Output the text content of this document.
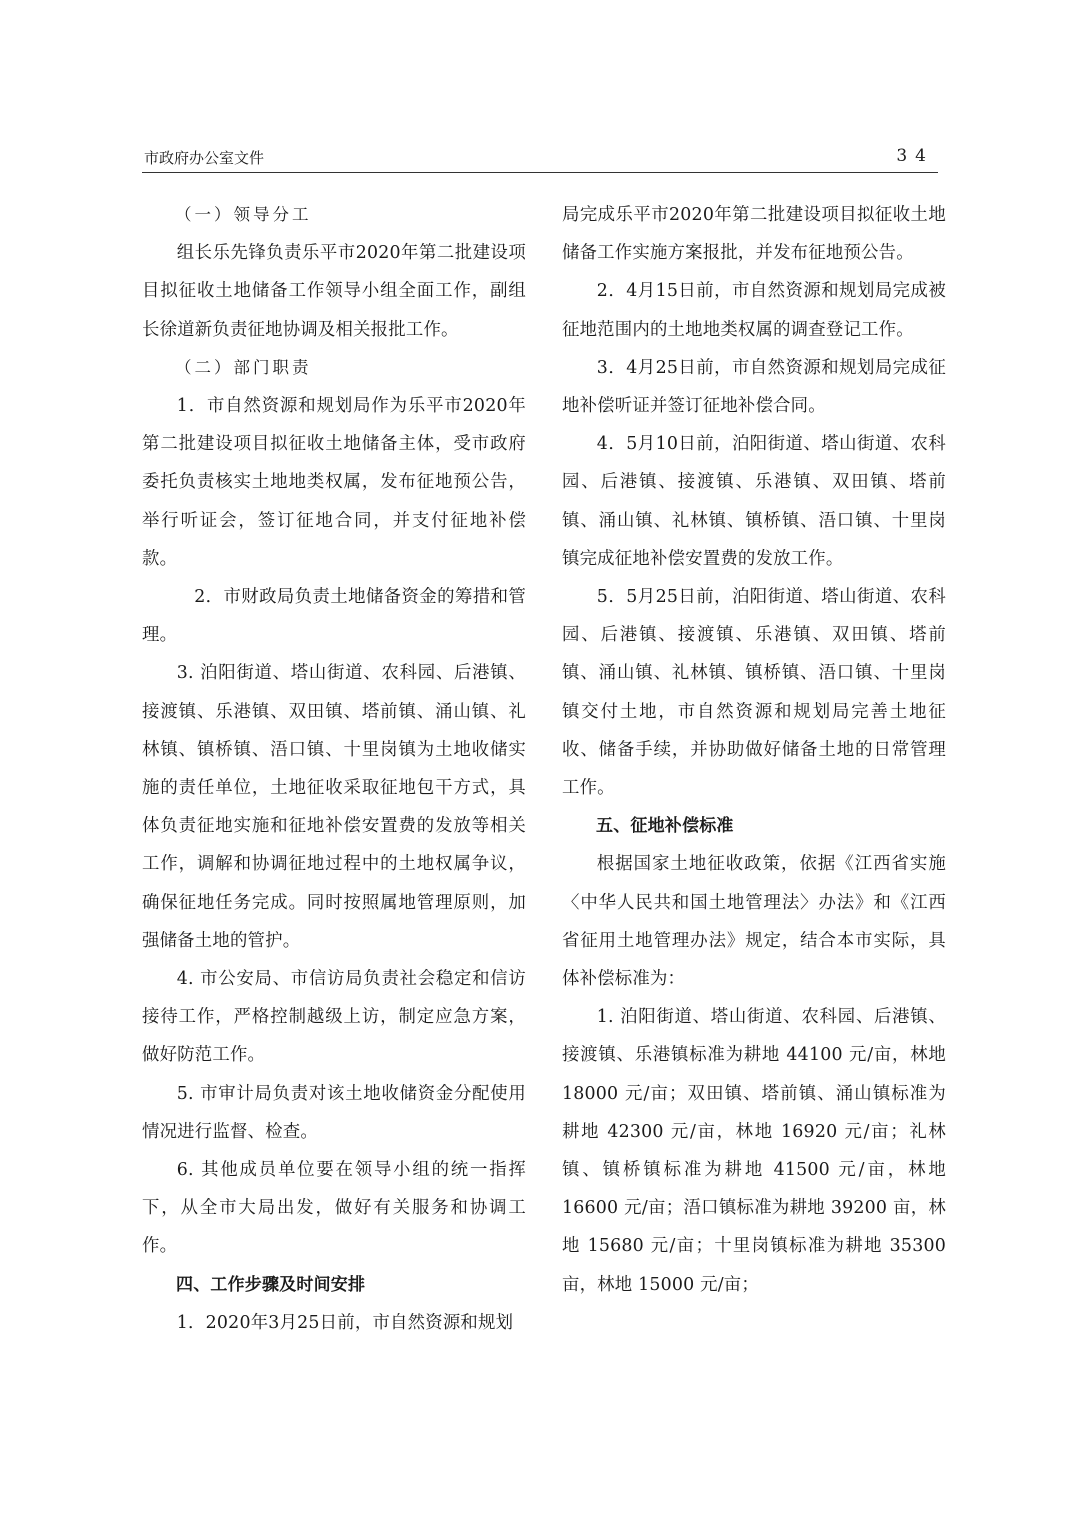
市政府办公室文件	34

（一）领导分工

组长乐先锋负责乐平市2020年第二批建设项目拟征收土地储备工作领导小组全面工作，副组长徐道新负责征地协调及相关报批工作。

（二）部门职责

1．市自然资源和规划局作为乐平市2020年第二批建设项目拟征收土地储备主体，受市政府委托负责核实土地地类权属，发布征地预公告，举行听证会，签订征地合同，并支付征地补偿款。

2．市财政局负责土地储备资金的筹措和管理。

3. 泊阳街道、塔山街道、农科园、后港镇、接渡镇、乐港镇、双田镇、塔前镇、涌山镇、礼林镇、镇桥镇、浯口镇、十里岗镇为土地收储实施的责任单位，土地征收采取征地包干方式，具体负责征地实施和征地补偿安置费的发放等相关工作，调解和协调征地过程中的土地权属争议，确保征地任务完成。同时按照属地管理原则，加强储备土地的管护。

4. 市公安局、市信访局负责社会稳定和信访接待工作，严格控制越级上访，制定应急方案，做好防范工作。

5. 市审计局负责对该土地收储资金分配使用情况进行监督、检查。

6. 其他成员单位要在领导小组的统一指挥下，从全市大局出发，做好有关服务和协调工作。

四、工作步骤及时间安排

1．2020年3月25日前，市自然资源和规划

局完成乐平市2020年第二批建设项目拟征收土地储备工作实施方案报批，并发布征地预公告。

2．4月15日前，市自然资源和规划局完成被征地范围内的土地地类权属的调查登记工作。

3．4月25日前，市自然资源和规划局完成征地补偿听证并签订征地补偿合同。

4．5月10日前，泊阳街道、塔山街道、农科园、后港镇、接渡镇、乐港镇、双田镇、塔前镇、涌山镇、礼林镇、镇桥镇、浯口镇、十里岗镇完成征地补偿安置费的发放工作。

5．5月25日前，泊阳街道、塔山街道、农科园、后港镇、接渡镇、乐港镇、双田镇、塔前镇、涌山镇、礼林镇、镇桥镇、浯口镇、十里岗镇交付土地，市自然资源和规划局完善土地征收、储备手续，并协助做好储备土地的日常管理工作。

五、征地补偿标准

根据国家土地征收政策，依据《江西省实施〈中华人民共和国土地管理法〉办法》和《江西省征用土地管理办法》规定，结合本市实际，具体补偿标准为：

1. 泊阳街道、塔山街道、农科园、后港镇、接渡镇、乐港镇标准为耕地 44100 元/亩，林地 18000 元/亩；双田镇、塔前镇、涌山镇标准为耕地 42300 元/亩，林地 16920 元/亩；礼林镇、镇桥镇标准为耕地 41500 元/亩，林地 16600 元/亩；浯口镇标准为耕地 39200 亩，林地 15680 元/亩；十里岗镇标准为耕地 35300 亩，林地 15000 元/亩；
